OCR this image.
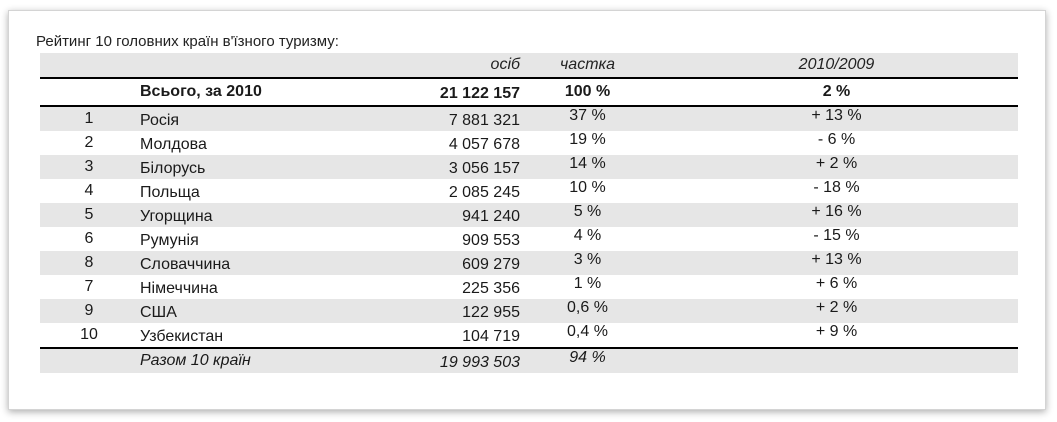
Рейтинг 10 головних країн в'їзного туризму:
		осіб	частка	2010/2009
	Всього, за 2010	21 122 157	100 %	2 %
1	Росія	7 881 321	37 %	+ 13 %
2	Молдова	4 057 678	19 %	- 6 %
3	Білорусь	3 056 157	14 %	+ 2 %
4	Польща	2 085 245	10 %	- 18 %
5	Угорщина	941 240	5 %	+ 16 %
6	Румунія	909 553	4 %	- 15 %
8	Словаччина	609 279	3 %	+ 13 %
7	Німеччина	225 356	1 %	+ 6 %
9	США	122 955	0,6 %	+ 2 %
10	Узбекистан	104 719	0,4 %	+ 9 %
	Разом 10 країн	19 993 503	94 %	
